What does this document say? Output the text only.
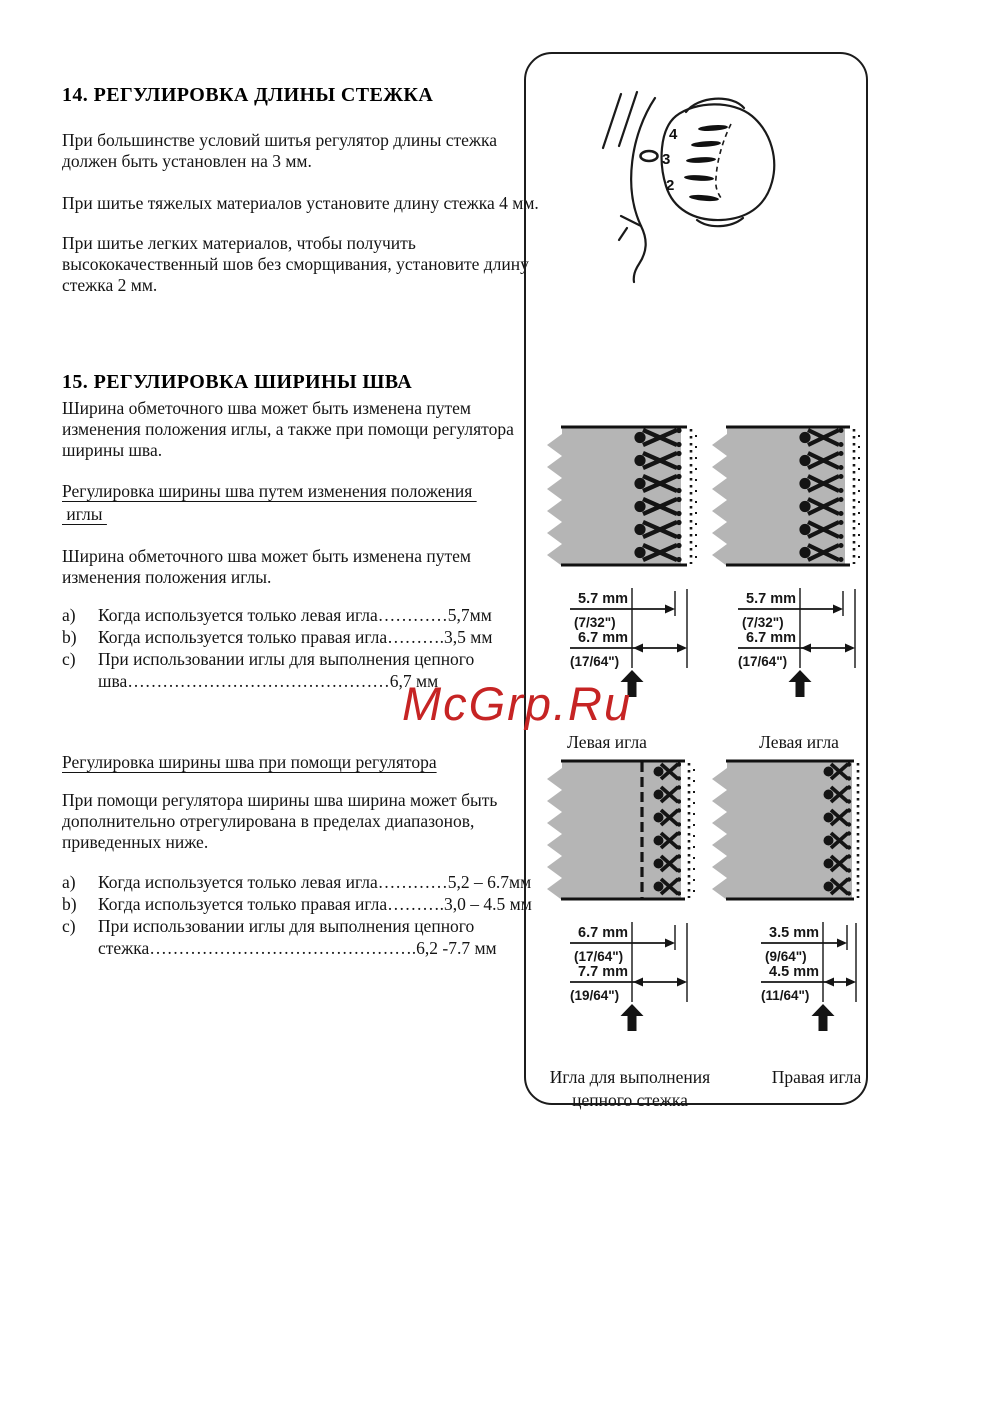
14. РЕГУЛИРОВКА ДЛИНЫ СТЕЖКА
При большинстве условий шитья регулятор длины стежка
должен быть установлен на 3 мм.
При шитье тяжелых материалов установите длину стежка 4 мм.
При шитье легких материалов, чтобы получить
высококачественный шов без сморщивания, установите длину
стежка 2 мм.
15. РЕГУЛИРОВКА ШИРИНЫ ШВА
Ширина обметочного шва может быть изменена путем
изменения положения иглы, а также при помощи регулятора
ширины шва.
Регулировка ширины шва путем изменения положения
иглы
Ширина обметочного шва может быть изменена путем
изменения положения иглы.
a)	Когда используется только левая игла…………5,7мм
b)	Когда используется только правая игла……….3,5 мм
c)	При использовании иглы для выполнения цепного
шва………………………………………6,7 мм
Регулировка ширины шва при помощи регулятора
При помощи регулятора ширины шва ширина может быть
дополнительно отрегулирована в пределах диапазонов,
приведенных ниже.
a)	Когда используется только левая игла…………5,2 – 6.7мм
b)	Когда используется только правая игла……….3,0 – 4.5 мм
c)	При использовании иглы для выполнения цепного
стежка……………………………………….6,2 -7.7 мм
4
3
2
5.7 mm
(7/32")
6.7 mm
(17/64")
5.7 mm
(7/32")
6.7 mm
(17/64")
Левая игла	Левая игла
6.7 mm
(17/64")
7.7 mm
(19/64")
3.5 mm
(9/64")
4.5 mm
(11/64")
Игла для выполнения цепного стежка
Правая игла
McGrp.Ru
